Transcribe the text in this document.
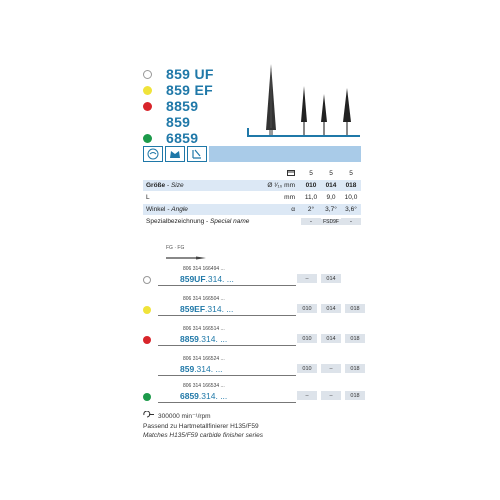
859 UF
859 EF
8859
859
6859
5	5	5
Größe - Size	Ø ¹⁄₁₀ mm	010	014	018
L	mm	11,0	9,0	10,0
Winkel - Angle	α	2°	3,7°	3,6°
Spezialbezeichnung - Special name	-	FSD9F	-
FG · FG
806 314 166494 ...
859UF.314. ...	–	014
806 314 166504 ...
859EF.314. ...	010	014	018
806 314 166514 ...
8859.314. ...	010	014	018
806 314 166524 ...
859.314. ...	010	–	018
806 314 166534 ...
6859.314. ...	–	–	018
300000 min⁻¹/rpm
Passend zu Hartmetallfinierer H135/F59
Matches H135/F59 carbide finisher series
